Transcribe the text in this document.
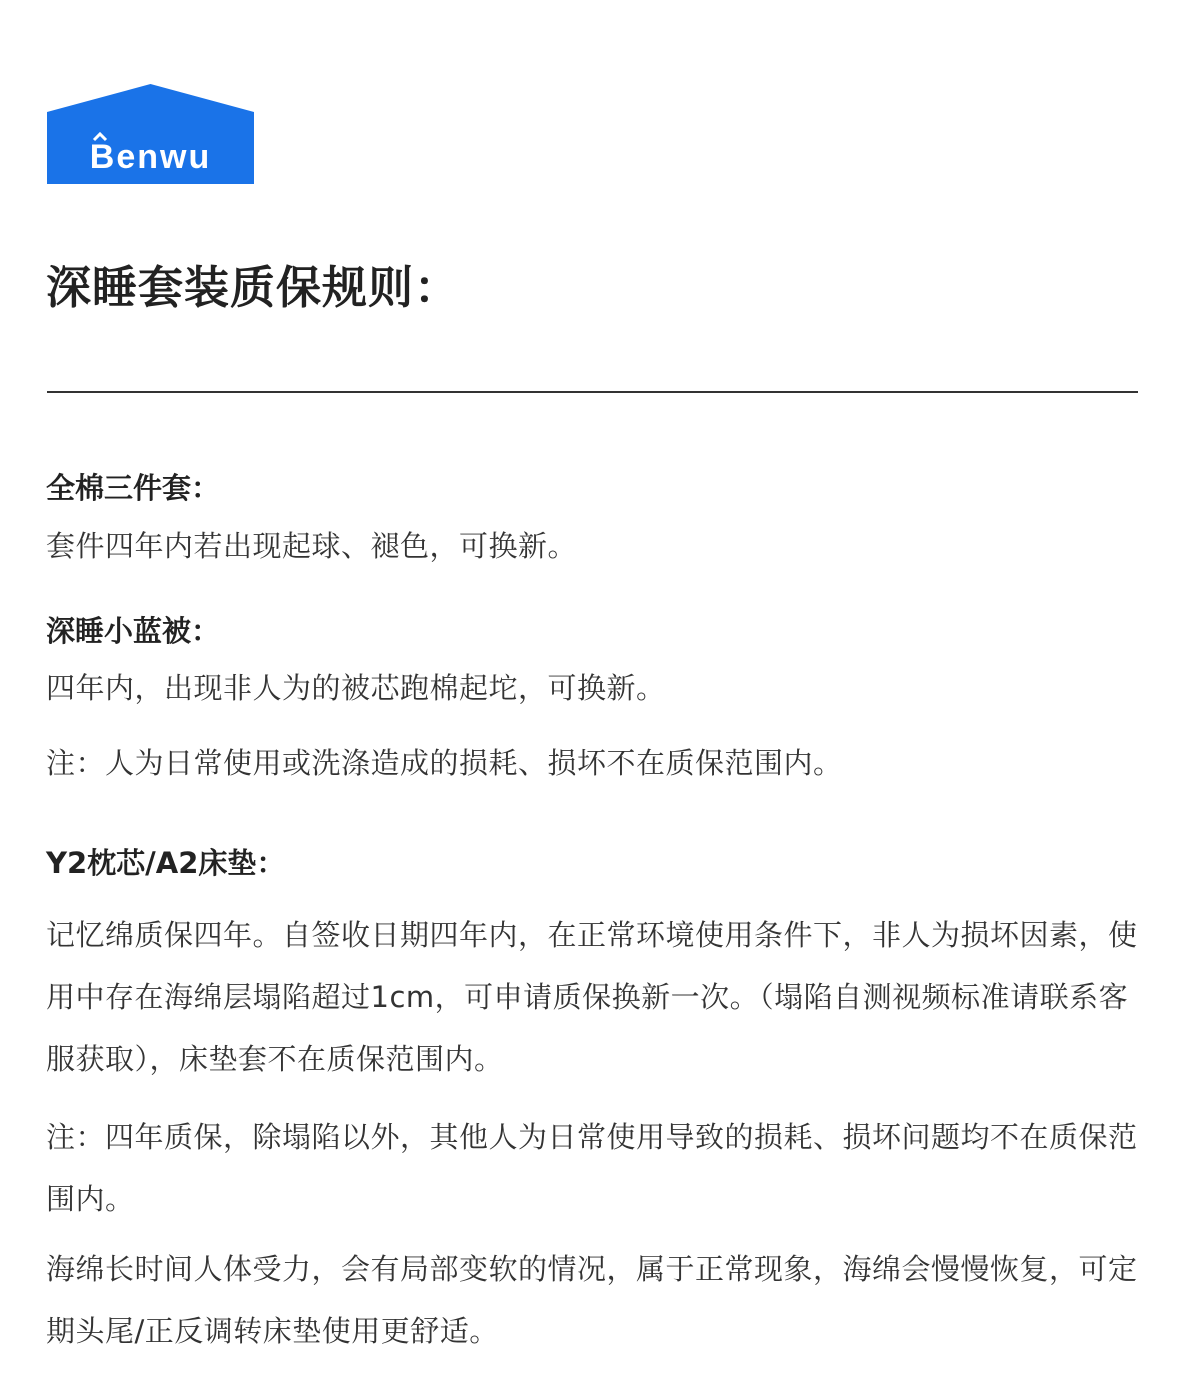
Benwu
深睡套装质保规则：

全棉三件套：

套件四年内若出现起球、褪色，可换新。

深睡小蓝被：

四年内，出现非人为的被芯跑棉起坨，可换新。

注：人为日常使用或洗涤造成的损耗、损坏不在质保范围内。

Y2枕芯/A2床垫：

记忆绵质保四年。自签收日期四年内，在正常环境使用条件下，非人为损坏因素，使用中存在海绵层塌陷超过1cm，可申请质保换新一次。（塌陷自测视频标准请联系客服获取），床垫套不在质保范围内。

注：四年质保，除塌陷以外，其他人为日常使用导致的损耗、损坏问题均不在质保范围内。

海绵长时间人体受力，会有局部变软的情况，属于正常现象，海绵会慢慢恢复，可定期头尾/正反调转床垫使用更舒适。
